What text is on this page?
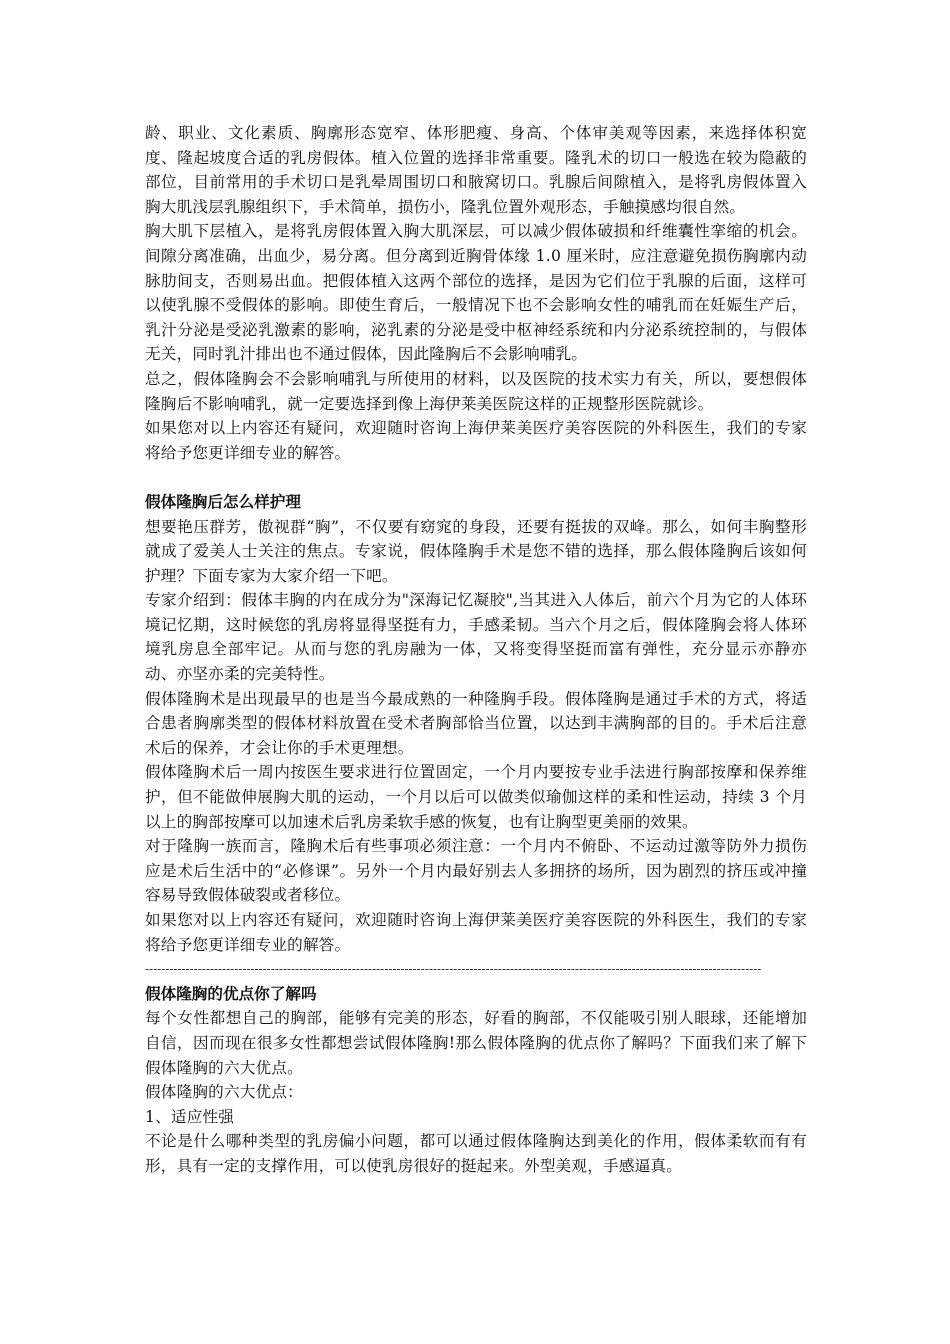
龄、职业、文化素质、胸廓形态宽窄、体形肥瘦、身高、个体审美观等因素，来选择体积宽度、隆起坡度合适的乳房假体。植入位置的选择非常重要。隆乳术的切口一般选在较为隐蔽的部位，目前常用的手术切口是乳晕周围切口和腋窝切口。乳腺后间隙植入，是将乳房假体置入胸大肌浅层乳腺组织下，手术简单，损伤小，隆乳位置外观形态，手触摸感均很自然。

胸大肌下层植入，是将乳房假体置入胸大肌深层，可以减少假体破损和纤维囊性挛缩的机会。间隙分离准确，出血少，易分离。但分离到近胸骨体缘 1.0 厘米时，应注意避免损伤胸廓内动脉肋间支，否则易出血。把假体植入这两个部位的选择，是因为它们位于乳腺的后面，这样可以使乳腺不受假体的影响。即使生育后，一般情况下也不会影响女性的哺乳而在妊娠生产后，乳汁分泌是受泌乳激素的影响，泌乳素的分泌是受中枢神经系统和内分泌系统控制的，与假体无关，同时乳汁排出也不通过假体，因此隆胸后不会影响哺乳。

总之，假体隆胸会不会影响哺乳与所使用的材料，以及医院的技术实力有关，所以，要想假体隆胸后不影响哺乳，就一定要选择到像上海伊莱美医院这样的正规整形医院就诊。

如果您对以上内容还有疑问，欢迎随时咨询上海伊莱美医疗美容医院的外科医生，我们的专家将给予您更详细专业的解答。

假体隆胸后怎么样护理

想要艳压群芳，傲视群“胸”，不仅要有窈窕的身段，还要有挺拔的双峰。那么，如何丰胸整形就成了爱美人士关注的焦点。专家说，假体隆胸手术是您不错的选择，那么假体隆胸后该如何护理？下面专家为大家介绍一下吧。

专家介绍到：假体丰胸的内在成分为"深海记忆凝胶",当其进入人体后，前六个月为它的人体环境记忆期，这时候您的乳房将显得坚挺有力，手感柔韧。当六个月之后，假体隆胸会将人体环境乳房息全部牢记。从而与您的乳房融为一体，又将变得坚挺而富有弹性，充分显示亦静亦动、亦坚亦柔的完美特性。

假体隆胸术是出现最早的也是当今最成熟的一种隆胸手段。假体隆胸是通过手术的方式，将适合患者胸廓类型的假体材料放置在受术者胸部恰当位置，以达到丰满胸部的目的。手术后注意术后的保养，才会让你的手术更理想。

假体隆胸术后一周内按医生要求进行位置固定，一个月内要按专业手法进行胸部按摩和保养维护，但不能做伸展胸大肌的运动，一个月以后可以做类似瑜伽这样的柔和性运动，持续 3 个月以上的胸部按摩可以加速术后乳房柔软手感的恢复，也有让胸型更美丽的效果。

对于隆胸一族而言，隆胸术后有些事项必须注意：一个月内不俯卧、不运动过激等防外力损伤应是术后生活中的“必修课”。另外一个月内最好别去人多拥挤的场所，因为剧烈的挤压或冲撞容易导致假体破裂或者移位。

如果您对以上内容还有疑问，欢迎随时咨询上海伊莱美医疗美容医院的外科医生，我们的专家将给予您更详细专业的解答。

--------------------------------------------------------------------------------------------------------------------------------------------------------

假体隆胸的优点你了解吗

每个女性都想自己的胸部，能够有完美的形态，好看的胸部，不仅能吸引别人眼球，还能增加自信，因而现在很多女性都想尝试假体隆胸!那么假体隆胸的优点你了解吗？下面我们来了解下假体隆胸的六大优点。

假体隆胸的六大优点：

1、适应性强

不论是什么哪种类型的乳房偏小问题，都可以通过假体隆胸达到美化的作用，假体柔软而有有形，具有一定的支撑作用，可以使乳房很好的挺起来。外型美观，手感逼真。
